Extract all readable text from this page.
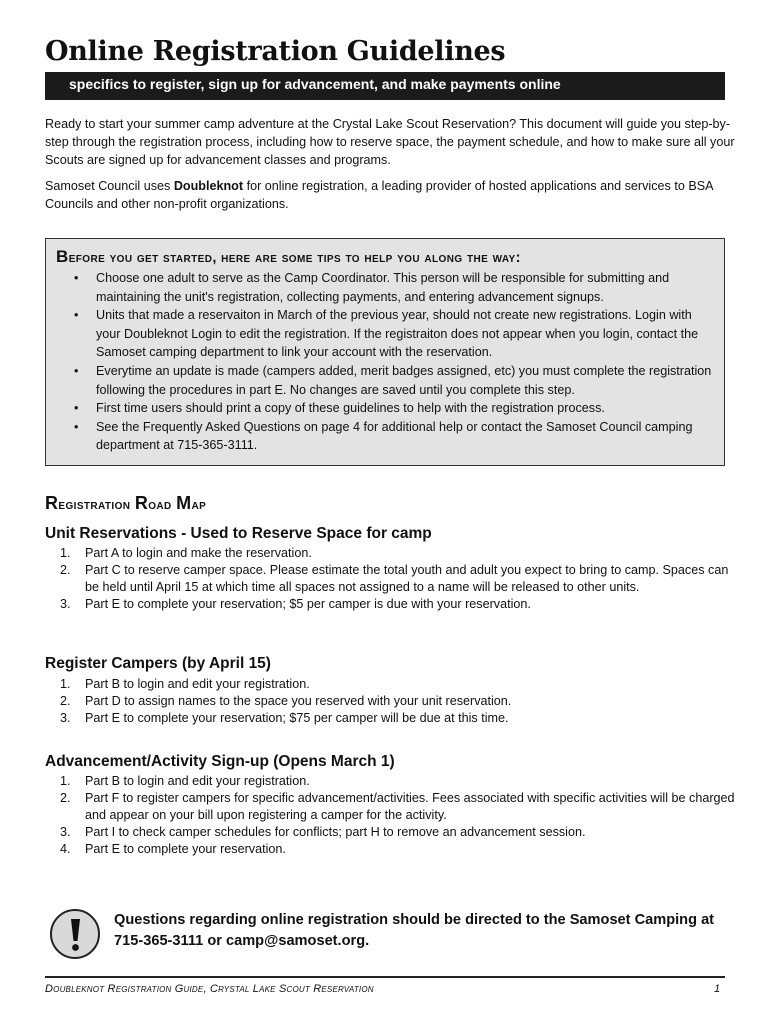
Online Registration Guidelines
specifics to register, sign up for advancement, and make payments online

Ready to start your summer camp adventure at the Crystal Lake Scout Reservation? This document will guide you step-by-step through the registration process, including how to reserve space, the payment schedule, and how to make sure all your Scouts are signed up for advancement classes and programs.

Samoset Council uses Doubleknot for online registration, a leading provider of hosted applications and services to BSA Councils and other non-profit organizations.

Before you get started, here are some tips to help you along the way:
• Choose one adult to serve as the Camp Coordinator. This person will be responsible for submitting and maintaining the unit's registration, collecting payments, and entering advancement signups.
• Units that made a reservaiton in March of the previous year, should not create new registrations. Login with your Doubleknot Login to edit the registration. If the registraiton does not appear when you login, contact the Samoset camping department to link your account with the reservation.
• Everytime an update is made (campers added, merit badges assigned, etc) you must complete the registration following the procedures in part E. No changes are saved until you complete this step.
• First time users should print a copy of these guidelines to help with the registration process.
• See the Frequently Asked Questions on page 4 for additional help or contact the Samoset Council camping department at 715-365-3111.
Registration Road Map
Unit Reservations - Used to Reserve Space for camp
1. Part A to login and make the reservation.
2. Part C to reserve camper space. Please estimate the total youth and adult you expect to bring to camp. Spaces can be held until April 15 at which time all spaces not assigned to a name will be released to other units.
3. Part E to complete your reservation; $5 per camper is due with your reservation.
Register Campers (by April 15)
1. Part B to login and edit your registration.
2. Part D to assign names to the space you reserved with your unit reservation.
3. Part E to complete your reservation; $75 per camper will be due at this time.
Advancement/Activity Sign-up (Opens March 1)
1. Part B to login and edit your registration.
2. Part F to register campers for specific advancement/activities. Fees associated with specific activities will be charged and appear on your bill upon registering a camper for the activity.
3. Part I to check camper schedules for conflicts; part H to remove an advancement session.
4. Part E to complete your reservation.
Questions regarding online registration should be directed to the Samoset Camping at 715-365-3111 or camp@samoset.org.
Doubleknot Registration Guide, Crystal Lake Scout Reservation	1
